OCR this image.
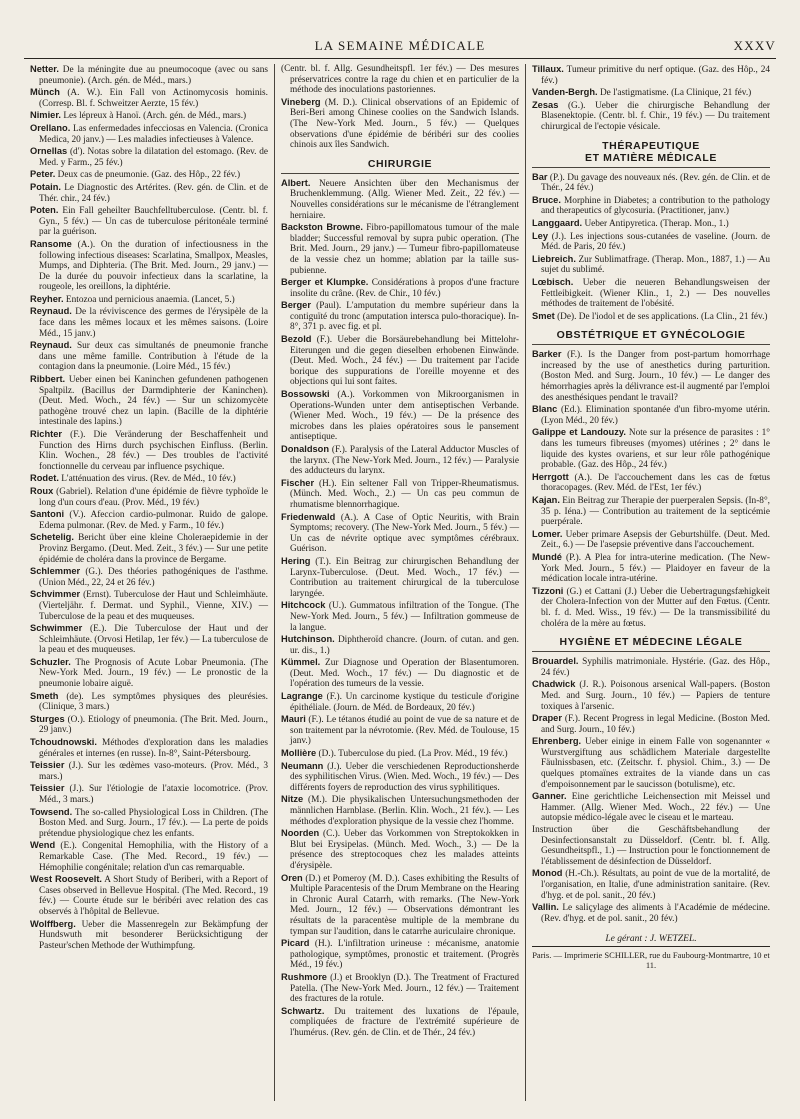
LA SEMAINE MÉDICALE	XXXV

Netter. De la méningite due au pneumocoque (avec ou sans pneumonie). (Arch. gén. de Méd., mars.)

Münch (A. W.). Ein Fall von Actinomycosis hominis. (Corresp. Bl. f. Schweitzer Aerzte, 15 fév.)

Nimier. Les lépreux à Hanoï. (Arch. gén. de Méd., mars.)

Orellano. Las enfermedades infecciosas en Valencia. (Cronica Medica, 20 janv.) — Les maladies infectieuses à Valence.

Ornellas (d'). Notas sobre la dilatation del estomago. (Rev. de Med. y Farm., 25 fév.)

Peter. Deux cas de pneumonie. (Gaz. des Hôp., 22 fév.)

Potain. Le Diagnostic des Artérites. (Rev. gén. de Clin. et de Thér. chir., 24 fév.)

Poten. Ein Fall geheilter Bauchfelltuberculose. (Centr. bl. f. Gyn., 5 fév.) — Un cas de tuberculose péritonéale terminé par la guérison.

Ransome (A.). On the duration of infectiousness in the following infectious diseases: Scarlatina, Smallpox, Measles, Mumps, and Diphteria. (The Brit. Med. Journ., 29 janv.) — De la durée du pouvoir infectieux dans la scarlatine, la rougeole, les oreillons, la diphtérie.

Reyher. Entozoa und pernicious anaemia. (Lancet, 5.)

Reynaud. De la réviviscence des germes de l'érysipèle de la face dans les mêmes locaux et les mêmes saisons. (Loire Méd., 15 janv.)

Reynaud. Sur deux cas simultanés de pneumonie franche dans une même famille. Contribution à l'étude de la contagion dans la pneumonie. (Loire Méd., 15 fév.)

Ribbert. Ueber einen bei Kaninchen gefundenen pathogenen Spaltpilz. (Bacillus der Darmdiphterie der Kaninchen). (Deut. Med. Woch., 24 fév.) — Sur un schizomycète pathogène trouvé chez un lapin. (Bacille de la diphtérie intestinale des lapins.)

Richter (F.). Die Veränderung der Beschaffenheit und Function des Hirns durch psychischen Einfluss. (Berlin. Klin. Wochen., 28 fév.) — Des troubles de l'activité fonctionnelle du cerveau par influence psychique.

Rodet. L'atténuation des virus. (Rev. de Méd., 10 fév.)

Roux (Gabriel). Relation d'une épidémie de fièvre typhoïde le long d'un cours d'eau. (Prov. Méd., 19 fév.)

Santoni (V.). Afeccion cardio-pulmonar. Ruido de galope. Edema pulmonar. (Rev. de Med. y Farm., 10 fév.)

Schetelig. Bericht über eine kleine Choleraepidemie in der Provinz Bergamo. (Deut. Med. Zeit., 3 fév.) — Sur une petite épidémie de choléra dans la province de Bergame.

Schlemmer (G.). Des théories pathogéniques de l'asthme. (Union Méd., 22, 24 et 26 fév.)

Schvimmer (Ernst). Tuberculose der Haut und Schleimhäute. (Vierteljähr. f. Dermat. und Syphil., Vienne, XIV.) — Tuberculose de la peau et des muqueuses.

Schwimmer (E.). Die Tuberculose der Haut und der Schleimhäute. (Orvosi Hetilap, 1er fév.) — La tuberculose de la peau et des muqueuses.

Schuzler. The Prognosis of Acute Lobar Pneumonia. (The New-York Med. Journ., 19 fév.) — Le pronostic de la pneumonie lobaire aiguë.

Smeth (de). Les symptômes physiques des pleurésies. (Clinique, 3 mars.)

Sturges (O.). Etiology of pneumonia. (The Brit. Med. Journ., 29 janv.)

Tchoudnowski. Méthodes d'exploration dans les maladies générales et internes (en russe). In-8°, Saint-Pétersbourg.

Teissier (J.). Sur les œdèmes vaso-moteurs. (Prov. Méd., 3 mars.)

Teissier (J.). Sur l'étiologie de l'ataxie locomotrice. (Prov. Méd., 3 mars.)

Towsend. The so-called Physiological Loss in Children. (The Boston Med. and Surg. Journ., 17 fév.). — La perte de poids prétendue physiologique chez les enfants.

Wend (E.). Congenital Hemophilia, with the History of a Remarkable Case. (The Med. Record., 19 fév.) — Hémophilie congénitale; relation d'un cas remarquable.

West Roosevelt. A Short Study of Beriberi, with a Report of Cases observed in Bellevue Hospital. (The Med. Record., 19 fév.) — Courte étude sur le béribéri avec relation des cas observés à l'hôpital de Bellevue.

Wolffberg. Ueber die Massenregeln zur Bekämpfung der Hundswuth mit besonderer Berücksichtigung der Pasteur'schen Methode der Wuthimpfung.

(Centr. bl. f. Allg. Gesundheitspfl. 1er fév.) — Des mesures préservatrices contre la rage du chien et en particulier de la méthode des inoculations pastoriennes.

Vineberg (M. D.). Clinical observations of an Epidemic of Beri-Beri among Chinese coolies on the Sandwich Islands. (The New-York Med. Journ., 5 fév.) — Quelques observations d'une épidémie de béribéri sur des coolies chinois aux îles Sandwich.

CHIRURGIE

Albert. Neuere Ansichten über den Mechanismus der Bruchenklemmung. (Allg. Wiener Med. Zeit., 22 fév.) — Nouvelles considérations sur le mécanisme de l'étranglement herniaire.

Backston Browne. Fibro-papillomatous tumour of the male bladder; Successful removal by supra pubic operation. (The Brit. Med. Journ., 29 janv.) — Tumeur fibro-papillomateuse de la vessie chez un homme; ablation par la taille sus-pubienne.

Berger et Klumpke. Considérations à propos d'une fracture insolite du crâne. (Rev. de Chir., 10 fév.)

Berger (Paul). L'amputation du membre supérieur dans la contiguïté du tronc (amputation intersca pulo-thoracique). In-8°, 371 p. avec fig. et pl.

Bezold (F.). Ueber die Borsäurebehandlung bei Mittelohr-Eiterungen und die gegen dieselben erhobenen Einwände. (Deut. Med. Woch., 24 fév.) — Du traitement par l'acide borique des suppurations de l'oreille moyenne et des objections qui lui sont faites.

Bossowski (A.). Vorkommen von Mikroorganismen in Operations-Wunden unter dem antiseptischen Verbande. (Wiener Med. Woch., 19 fév.) — De la présence des microbes dans les plaies opératoires sous le pansement antiseptique.

Donaldson (F.). Paralysis of the Lateral Adductor Muscles of the larynx. (The New-York Med. Journ., 12 fév.) — Paralysie des adducteurs du larynx.

Fischer (H.). Ein seltener Fall von Tripper-Rheumatismus. (Münch. Med. Woch., 2.) — Un cas peu commun de rhumatisme blennorrhagique.

Friedenwald (A.). A Case of Optic Neuritis, with Brain Symptoms; recovery. (The New-York Med. Journ., 5 fév.) — Un cas de névrite optique avec symptômes cérébraux. Guérison.

Hering (T.). Ein Beitrag zur chirurgischen Behandlung der Larynx-Tuberculose. (Deut. Med. Woch., 17 fév.) — Contribution au traitement chirurgical de la tuberculose laryngée.

Hitchcock (U.). Gummatous infiltration of the Tongue. (The New-York Med. Journ., 5 fév.) — Infiltration gommeuse de la langue.

Hutchinson. Diphtheroïd chancre. (Journ. of cutan. and gen. ur. dis., 1.)

Kümmel. Zur Diagnose und Operation der Blasentumoren. (Deut. Med. Woch., 17 fév.) — Du diagnostic et de l'opération des tumeurs de la vessie.

Lagrange (F.). Un carcinome kystique du testicule d'origine épithéliale. (Journ. de Méd. de Bordeaux, 20 fév.)

Mauri (F.). Le tétanos étudié au point de vue de sa nature et de son traitement par la névrotomie. (Rev. Méd. de Toulouse, 15 janv.)

Mollière (D.). Tuberculose du pied. (La Prov. Méd., 19 fév.)

Neumann (J.). Ueber die verschiedenen Reproductionsherde des syphilitischen Virus. (Wien. Med. Woch., 19 fév.) — Des différents foyers de reproduction des virus syphilitiques.

Nitze (M.). Die physikalischen Untersuchungsmethoden der männlichen Harnblase. (Berlin. Klin. Woch., 21 fév.). — Les méthodes d'exploration physique de la vessie chez l'homme.

Noorden (C.). Ueber das Vorkommen von Streptokokken in Blut bei Erysipelas. (Münch. Med. Woch., 3.) — De la présence des streptocoques chez les malades atteints d'érysipèle.

Oren (D.) et Pomeroy (M. D.). Cases exhibiting the Results of Multiple Paracentesis of the Drum Membrane on the Hearing in Chronic Aural Catarrh, with remarks. (The New-York Med. Journ., 12 fév.) — Observations démontrant les résultats de la paracentèse multiple de la membrane du tympan sur l'audition, dans le catarrhe auriculaire chronique.

Picard (H.). L'infiltration urineuse : mécanisme, anatomie pathologique, symptômes, pronostic et traitement. (Progrès Méd., 19 fév.)

Rushmore (J.) et Brooklyn (D.). The Treatment of Fractured Patella. (The New-York Med. Journ., 12 fév.) — Traitement des fractures de la rotule.

Schwartz. Du traitement des luxations de l'épaule, compliquées de fracture de l'extrémité supérieure de l'humérus. (Rev. gén. de Clin. et de Thér., 24 fév.)

Tillaux. Tumeur primitive du nerf optique. (Gaz. des Hôp., 24 fév.)

Vanden-Bergh. De l'astigmatisme. (La Clinique, 21 fév.)

Zesas (G.). Ueber die chirurgische Behandlung der Blasenektopie. (Centr. bl. f. Chir., 19 fév.) — Du traitement chirurgical de l'ectopie vésicale.

THÉRAPEUTIQUE
ET MATIÈRE MÉDICALE

Bar (P.). Du gavage des nouveaux nés. (Rev. gén. de Clin. et de Thér., 24 fév.)

Bruce. Morphine in Diabetes; a contribution to the pathology and therapeutics of glycosuria. (Practitioner, janv.)

Langgaard. Ueber Antipyretica. (Therap. Mon., 1.)

Ley (J.). Les injections sous-cutanées de vaseline. (Journ. de Méd. de Paris, 20 fév.)

Liebreich. Zur Sublimatfrage. (Therap. Mon., 1887, 1.) — Au sujet du sublimé.

Lœbisch. Ueber die neueren Behandlungsweisen der Fettleibigkeit. (Wiener Klin., 1, 2.) — Des nouvelles méthodes de traitement de l'obésité.

Smet (De). De l'iodol et de ses applications. (La Clin., 21 fév.)

OBSTÉTRIQUE ET GYNÉCOLOGIE

Barker (F.). Is the Danger from post-partum homorrhage increased by the use of anesthetics during parturition. (Boston Med. and Surg. Journ., 10 fév.) — Le danger des hémorrhagies après la délivrance est-il augmenté par l'emploi des anesthésiques pendant le travail?

Blanc (Ed.). Elimination spontanée d'un fibro-myome utérin. (Lyon Méd., 20 fév.)

Galippe et Landouzy. Note sur la présence de parasites : 1° dans les tumeurs fibreuses (myomes) utérines ; 2° dans le liquide des kystes ovariens, et sur leur rôle pathogénique probable. (Gaz. des Hôp., 24 fév.)

Herrgott (A.). De l'accouchement dans les cas de fœtus thoracopages. (Rev. Méd. de l'Est, 1er fév.)

Kajan. Ein Beitrag zur Therapie der puerperalen Sepsis. (In-8°, 35 p. Iéna.) — Contribution au traitement de la septicémie puerpérale.

Lomer. Ueber primare Asepsis der Geburtshülfe. (Deut. Med. Zeit., 6.) — De l'asepsie préventive dans l'accouchement.

Mundé (P.). A Plea for intra-uterine medication. (The New-York Med. Journ., 5 fév.) — Plaidoyer en faveur de la médication locale intra-utérine.

Tizzoni (G.) et Cattani (J.) Ueber die Uebertragungsfæhigkeit der Cholera-Infection von der Mutter auf den Fœtus. (Centr. bl. f. d. Med. Wiss., 19 fév.) — De la transmissibilité du choléra de la mère au fœtus.

HYGIÈNE ET MÉDECINE LÉGALE

Brouardel. Syphilis matrimoniale. Hystérie. (Gaz. des Hôp., 24 fév.)

Chadwick (J. R.). Poisonous arsenical Wall-papers. (Boston Med. and Surg. Journ., 10 fév.) — Papiers de tenture toxiques à l'arsenic.

Draper (F.). Recent Progress in legal Medicine. (Boston Med. and Surg. Journ., 10 fév.)

Ehrenberg. Ueber einige in einem Falle von sogenannter « Wurstvergiftung aus schädlichem Materiale dargestellte Fäulnissbasen, etc. (Zeitschr. f. physiol. Chim., 3.) — De quelques ptomaïnes extraites de la viande dans un cas d'empoisonnement par le saucisson (botulisme), etc.

Ganner. Eine gerichtliche Leichensection mit Meissel und Hammer. (Allg. Wiener Med. Woch., 22 fév.) — Une autopsie médico-légale avec le ciseau et le marteau.

Instruction über die Geschäftsbehandlung der Desinfectionsanstalt zu Düsseldorf. (Centr. bl. f. Allg. Gesundheitspfl., 1.) — Instruction pour le fonctionnement de l'établissement de désinfection de Düsseldorf.

Monod (H.-Ch.). Résultats, au point de vue de la mortalité, de l'organisation, en Italie, d'une administration sanitaire. (Rev. d'hyg. et de pol. sanit., 20 fév.)

Vallin. Le saliçylage des aliments à l'Académie de médecine. (Rev. d'hyg. et de pol. sanit., 20 fév.)

Le gérant : J. WETZEL.
Paris. — Imprimerie SCHILLER, rue du Faubourg-Montmartre, 10 et 11.
